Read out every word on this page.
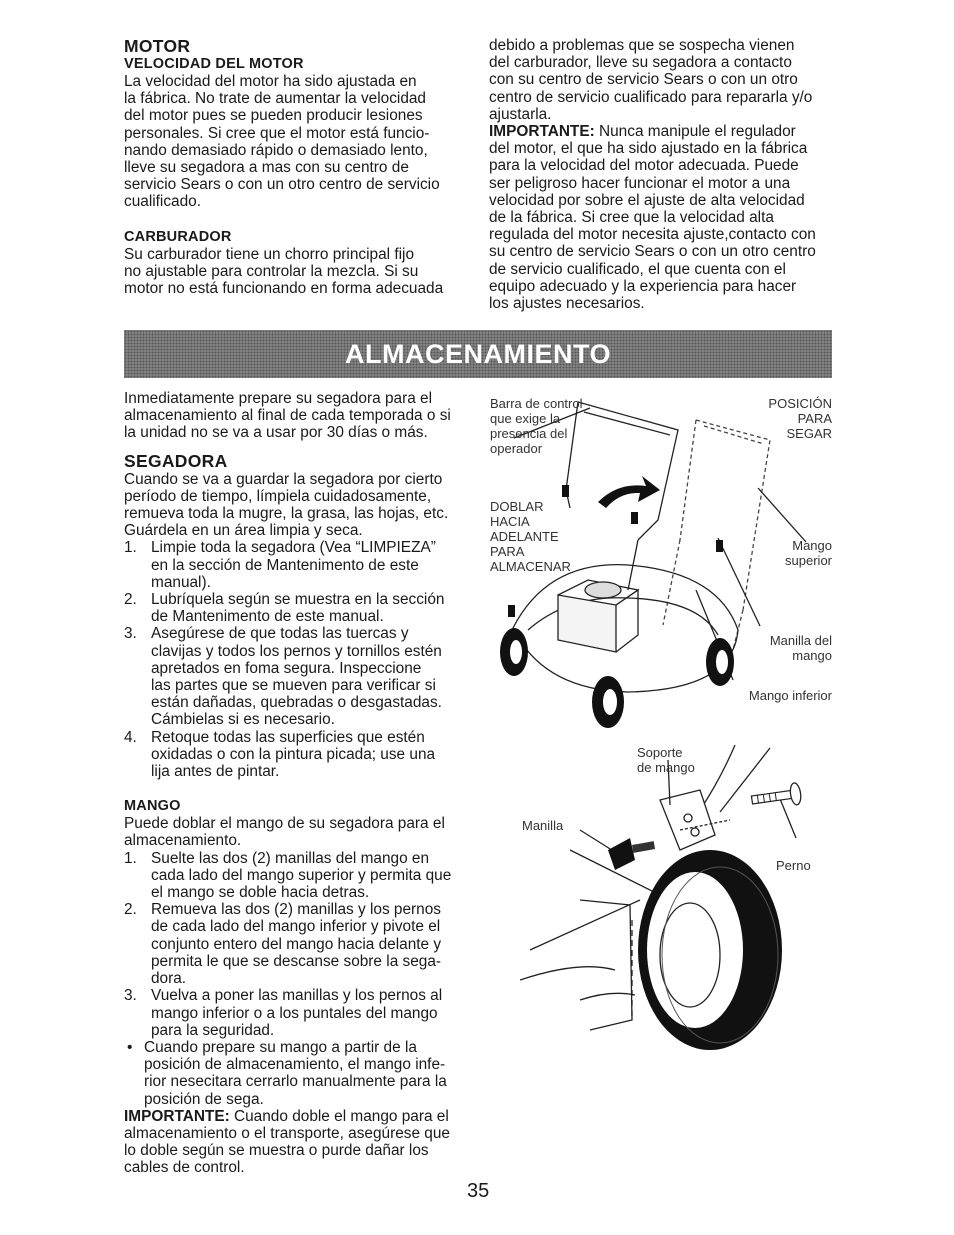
MOTOR
VELOCIDAD DEL MOTOR
La velocidad del motor ha sido ajustada en
la fábrica. No trate de aumentar la velocidad
del motor pues se pueden producir lesiones
personales. Si cree que el motor está funcio-
nando demasiado rápido o demasiado lento,
lleve su segadora a mas con su centro de
servicio Sears o con un otro centro de servicio
cualificado.
CARBURADOR
Su carburador tiene un chorro principal fijo
no ajustable para controlar la mezcla. Si su
motor no está funcionando en forma adecuada
debido a problemas que se sospecha vienen
del carburador, lleve su segadora a contacto
con su centro de servicio Sears o con un otro
centro de servicio cualificado para repararla y/o
ajustarla.
IMPORTANTE: Nunca manipule el regulador
del motor, el que ha sido ajustado en la fábrica
para la velocidad del motor adecuada. Puede
ser peligroso hacer funcionar el motor a una
velocidad por sobre el ajuste de alta velocidad
de la fábrica. Si cree que la velocidad alta
regulada del motor necesita ajuste,contacto con
su centro de servicio Sears o con un otro centro
de servicio cualificado, el que cuenta con el
equipo adecuado y la experiencia para hacer
los ajustes necesarios.
ALMACENAMIENTO
Inmediatamente prepare su segadora para el
almacenamiento al final de cada temporada o si
la unidad no se va a usar por 30 días o más.
SEGADORA
Cuando se va a guardar la segadora por cierto
período de tiempo, límpiela cuidadosamente,
remueva toda la mugre, la grasa, las hojas, etc.
Guárdela en un área limpia y seca.
1. Limpie toda la segadora (Vea “LIMPIEZA”
en la sección de Mantenimento de este
manual).
2. Lubríquela según se muestra en la sección
de Mantenimento de este manual.
3. Asegúrese de que todas las tuercas y
clavijas y todos los pernos y tornillos estén
apretados en foma segura. Inspeccione
las partes que se mueven para verificar si
están dañadas, quebradas o desgastadas.
Cámbielas si es necesario.
4. Retoque todas las superficies que estén
oxidadas o con la pintura picada; use una
lija antes de pintar.
MANGO
Puede doblar el mango de su segadora para el
almacenamiento.
1. Suelte las dos (2) manillas del mango en
cada lado del mango superior y permita que
el mango se doble hacia detras.
2. Remueva las dos (2) manillas y los pernos
de cada lado del mango inferior y pivote el
conjunto entero del mango hacia delante y
permita le que se descanse sobre la sega-
dora.
3. Vuelva a poner las manillas y los pernos al
mango inferior o a los puntales del mango
para la seguridad.
• Cuando prepare su mango a partir de la
posición de almacenamiento, el mango infe-
rior nesecitara cerrarlo manualmente para la
posición de sega.
IMPORTANTE: Cuando doble el mango para el
almacenamiento o el transporte, asegúrese que
lo doble según se muestra o purde dañar los
cables de control.
Barra de control
que exige la
presencia del
operador
POSICIÓN
PARA
SEGAR
DOBLAR
HACIA
ADELANTE
PARA
ALMACENAR
Mango
superior
Manilla del
mango
Mango inferior
Soporte
de mango
Manilla
Perno
35
